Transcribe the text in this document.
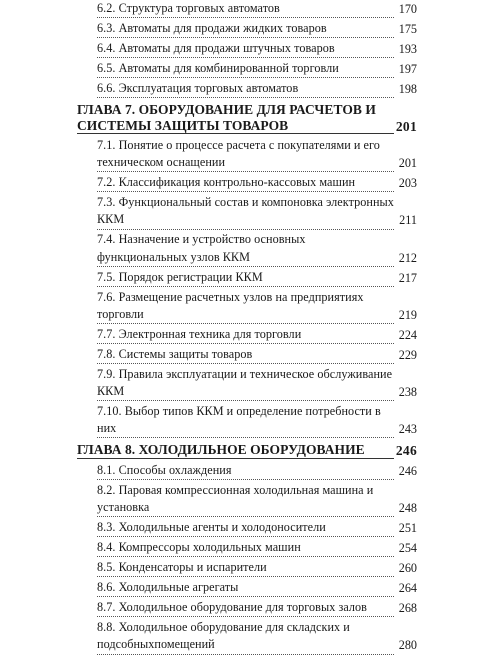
6.2. Структура торговых автоматов	170
6.3. Автоматы для продажи жидких товаров	175
6.4. Автоматы для продажи штучных товаров	193
6.5. Автоматы для комбинированной торговли	197
6.6. Эксплуатация торговых автоматов	198
ГЛАВА 7. ОБОРУДОВАНИЕ ДЛЯ РАСЧЕТОВ И СИСТЕМЫ ЗАЩИТЫ ТОВАРОВ	201
7.1. Понятие о процессе расчета с покупателями и его техническом оснащении	201
7.2. Классификация контрольно-кассовых машин	203
7.3. Функциональный состав и компоновка электронных ККМ	211
7.4. Назначение и устройство основных функциональных узлов ККМ	212
7.5. Порядок регистрации ККМ	217
7.6. Размещение расчетных узлов на предприятиях торговли	219
7.7. Электронная техника для торговли	224
7.8. Системы защиты товаров	229
7.9. Правила эксплуатации и техническое обслуживание ККМ	238
7.10. Выбор типов ККМ и определение потребности в них	243
ГЛАВА 8. ХОЛОДИЛЬНОЕ ОБОРУДОВАНИЕ	246
8.1. Способы охлаждения	246
8.2. Паровая компрессионная холодильная машина и установка	248
8.3. Холодильные агенты и холодоносители	251
8.4. Компрессоры холодильных машин	254
8.5. Конденсаторы и испарители	260
8.6. Холодильные агрегаты	264
8.7. Холодильное оборудование для торговых залов	268
8.8. Холодильное оборудование для складских и подсобныхпомещений	280
